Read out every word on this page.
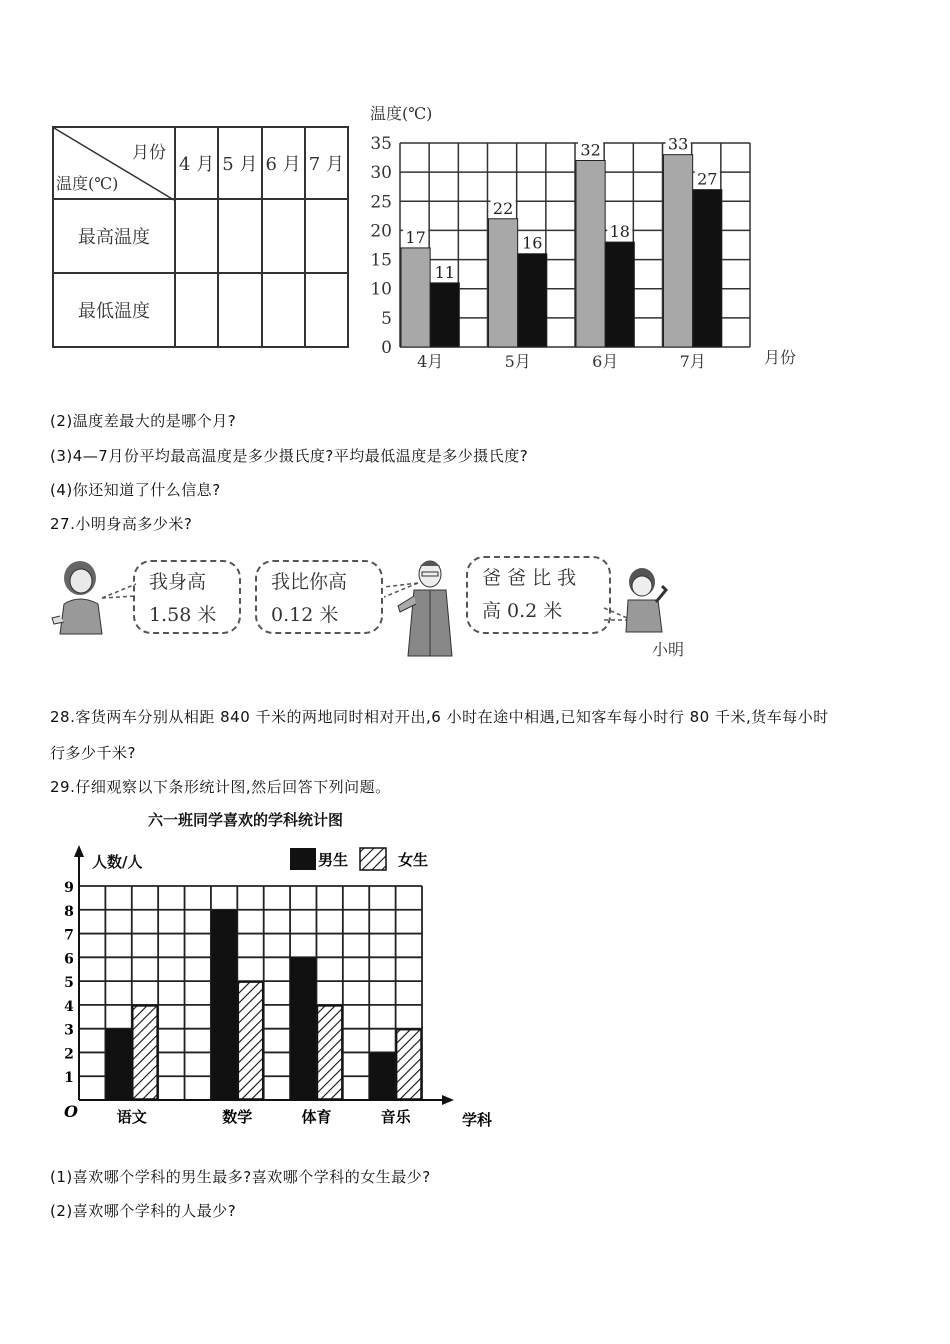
月份
温度(℃)	4 月	5 月	6 月	7 月
最高温度				
最低温度				
温度(℃)
月份
0
5
10
15
20
25
30
35
17
11
4月
22
16
5月
32
18
6月
33
27
7月
(2)温度差最大的是哪个月?
(3)4—7月份平均最高温度是多少摄氏度?平均最低温度是多少摄氏度?
(4)你还知道了什么信息?
27.小明身高多少米?
我身高
1.58 米
我比你高
0.12 米
爸 爸 比 我
高 0.2 米
小明
28.客货两车分别从相距 840 千米的两地同时相对开出,6 小时在途中相遇,已知客车每小时行 80 千米,货车每小时
行多少千米?
29.仔细观察以下条形统计图,然后回答下列问题。
六一班同学喜欢的学科统计图
人数/人	男生	女生
学科
O
1
2
3
4
5
6
7
8
9
语文	数学	体育	音乐
(1)喜欢哪个学科的男生最多?喜欢哪个学科的女生最少?
(2)喜欢哪个学科的人最少?
